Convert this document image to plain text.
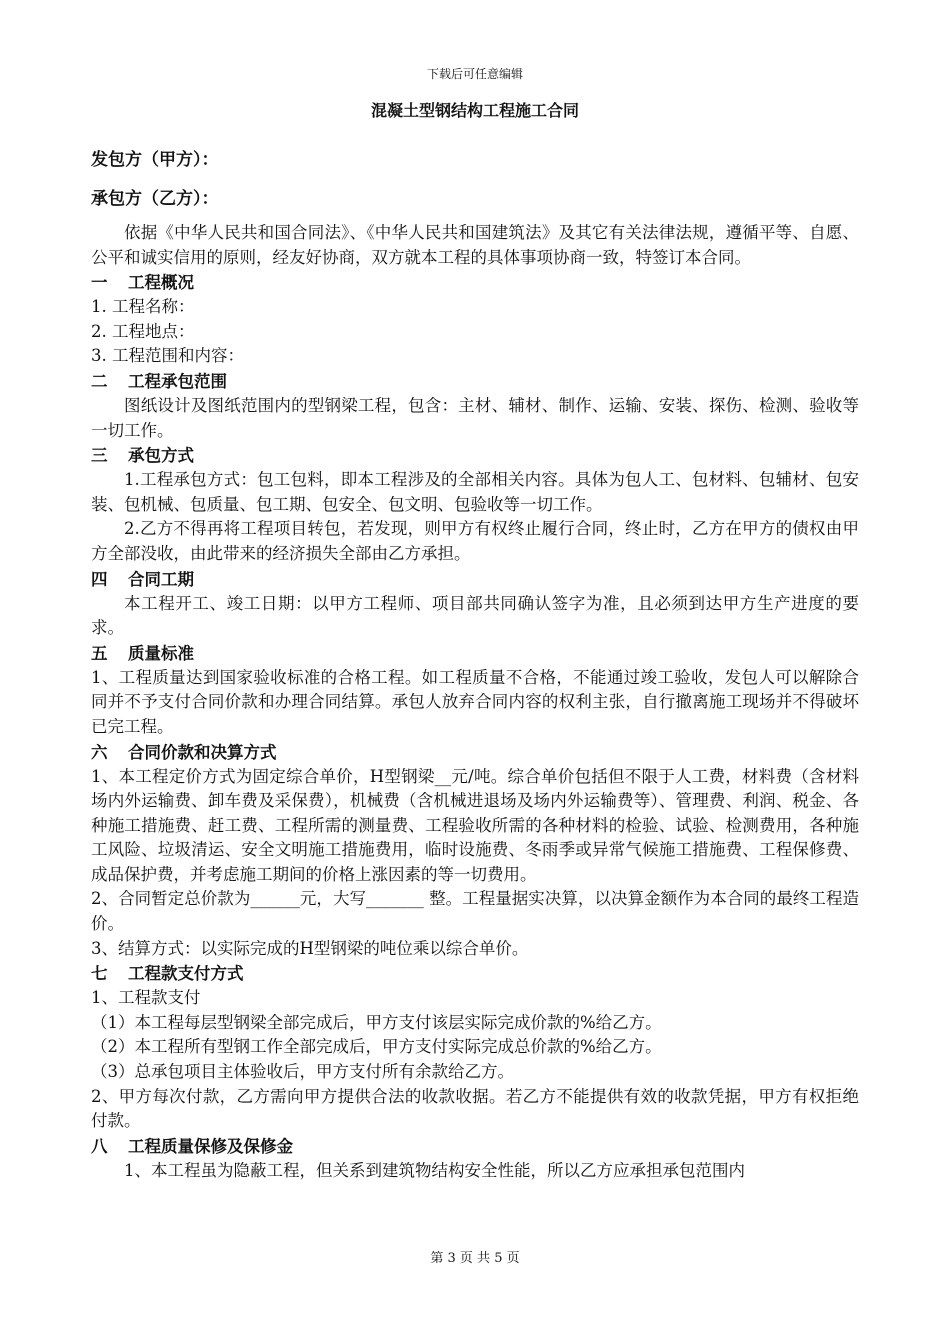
下载后可任意编辑
混凝土型钢结构工程施工合同
发包方（甲方）：
承包方（乙方）：

依据《中华人民共和国合同法》、《中华人民共和国建筑法》及其它有关法律法规，遵循平等、自愿、公平和诚实信用的原则，经友好协商，双方就本工程的具体事项协商一致，特签订本合同。

一 工程概况

1. 工程名称：

2. 工程地点：

3. 工程范围和内容：

二 工程承包范围

图纸设计及图纸范围内的型钢梁工程，包含：主材、辅材、制作、运输、安装、探伤、检测、验收等一切工作。

三 承包方式

1.工程承包方式：包工包料，即本工程涉及的全部相关内容。具体为包人工、包材料、包辅材、包安装、包机械、包质量、包工期、包安全、包文明、包验收等一切工作。

2.乙方不得再将工程项目转包，若发现，则甲方有权终止履行合同，终止时，乙方在甲方的债权由甲方全部没收，由此带来的经济损失全部由乙方承担。

四 合同工期

本工程开工、竣工日期：以甲方工程师、项目部共同确认签字为准，且必须到达甲方生产进度的要求。

五 质量标准

1、工程质量达到国家验收标准的合格工程。如工程质量不合格，不能通过竣工验收，发包人可以解除合同并不予支付合同价款和办理合同结算。承包人放弃合同内容的权利主张，自行撤离施工现场并不得破坏已完工程。

六 合同价款和决算方式

1、本工程定价方式为固定综合单价，H型钢梁__元/吨。综合单价包括但不限于人工费，材料费（含材料场内外运输费、卸车费及采保费），机械费（含机械进退场及场内外运输费等）、管理费、利润、税金、各种施工措施费、赶工费、工程所需的测量费、工程验收所需的各种材料的检验、试验、检测费用，各种施工风险、垃圾清运、安全文明施工措施费用，临时设施费、冬雨季或异常气候施工措施费、工程保修费、成品保护费，并考虑施工期间的价格上涨因素的等一切费用。

2、合同暂定总价款为______元，大写_______ 整。工程量据实决算，以决算金额作为本合同的最终工程造价。

3、结算方式：以实际完成的H型钢梁的吨位乘以综合单价。

七 工程款支付方式

1、工程款支付

（1）本工程每层型钢梁全部完成后，甲方支付该层实际完成价款的%给乙方。

（2）本工程所有型钢工作全部完成后，甲方支付实际完成总价款的%给乙方。

（3）总承包项目主体验收后，甲方支付所有余款给乙方。

2、甲方每次付款，乙方需向甲方提供合法的收款收据。若乙方不能提供有效的收款凭据，甲方有权拒绝付款。

八 工程质量保修及保修金

1、本工程虽为隐蔽工程，但关系到建筑物结构安全性能，所以乙方应承担承包范围内

第 3 页 共 5 页
